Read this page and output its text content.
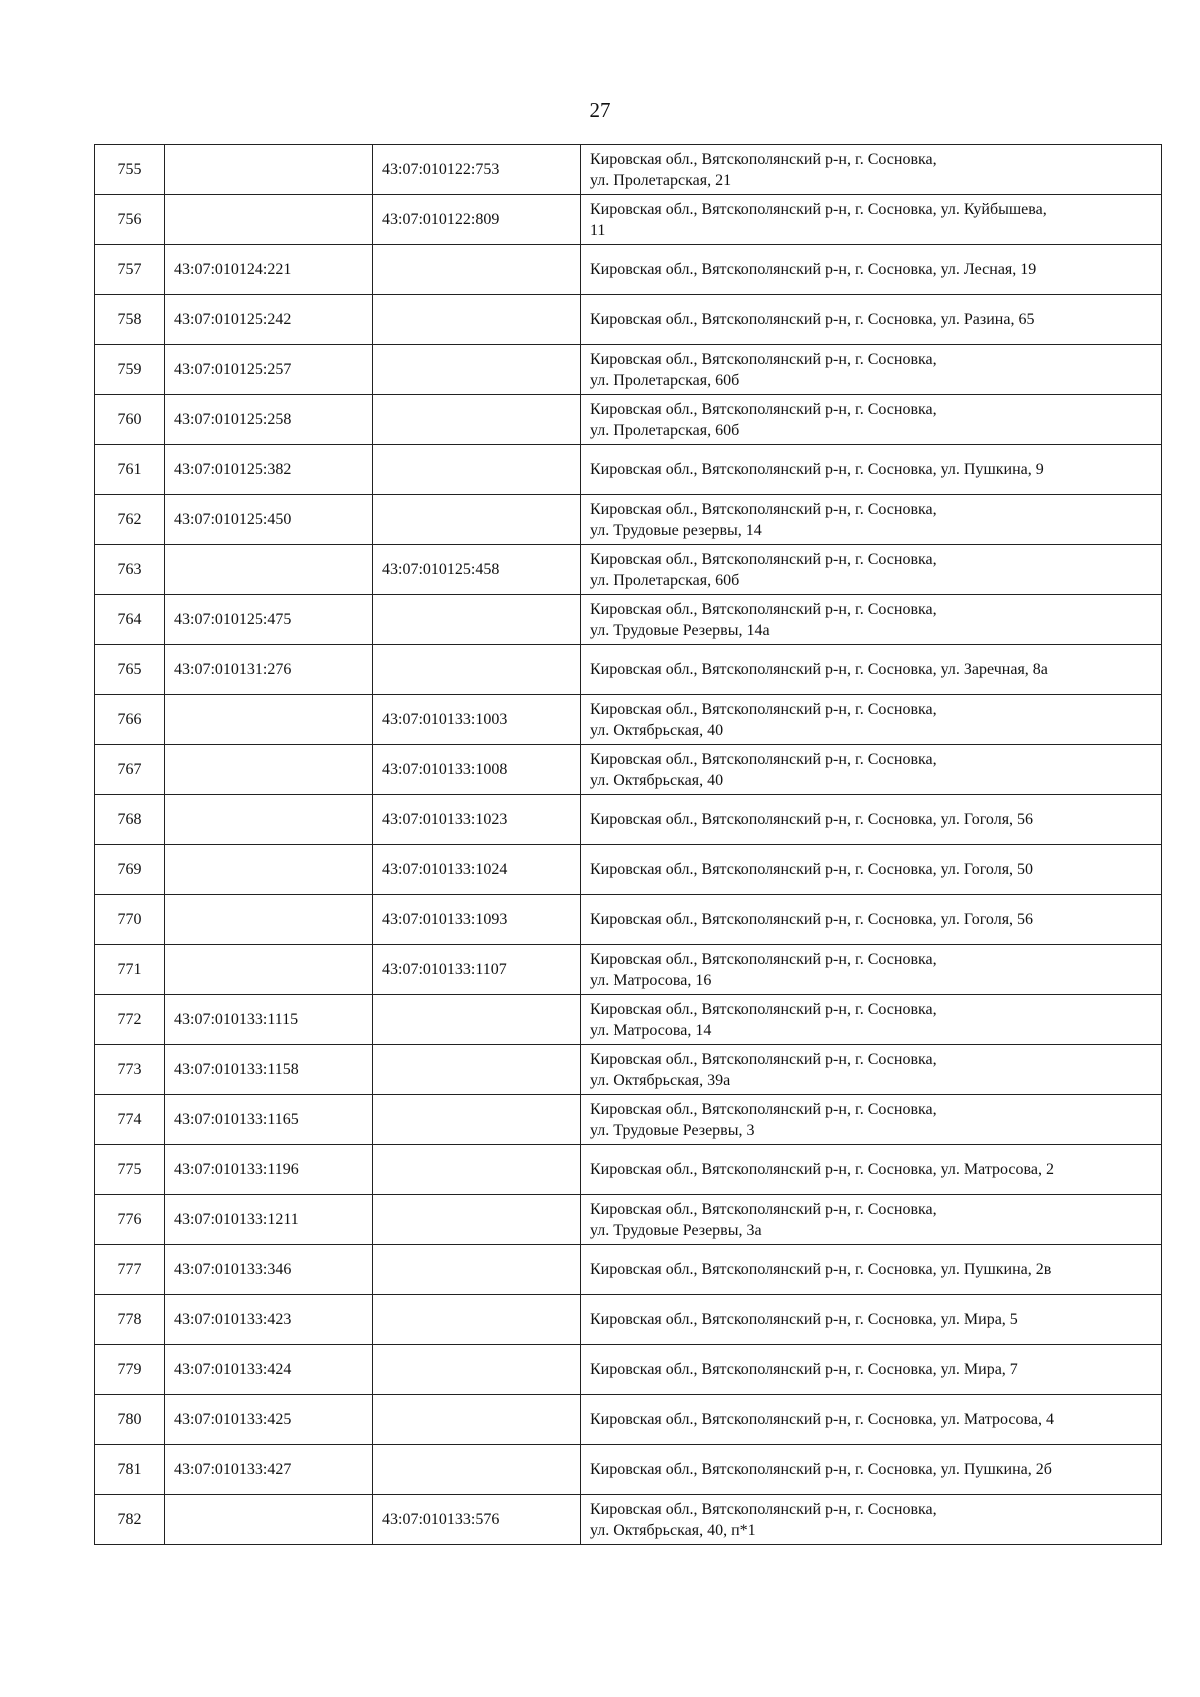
27
755		43:07:010122:753	Кировская обл., Вятскополянский р-н, г. Сосновка,
ул. Пролетарская, 21

756		43:07:010122:809	Кировская обл., Вятскополянский р-н, г. Сосновка, ул. Куйбышева,
11

757	43:07:010124:221		Кировская обл., Вятскополянский р-н, г. Сосновка, ул. Лесная, 19

758	43:07:010125:242		Кировская обл., Вятскополянский р-н, г. Сосновка, ул. Разина, 65

759	43:07:010125:257		Кировская обл., Вятскополянский р-н, г. Сосновка,
ул. Пролетарская, 60б

760	43:07:010125:258		Кировская обл., Вятскополянский р-н, г. Сосновка,
ул. Пролетарская, 60б

761	43:07:010125:382		Кировская обл., Вятскополянский р-н, г. Сосновка, ул. Пушкина, 9

762	43:07:010125:450		Кировская обл., Вятскополянский р-н, г. Сосновка,
ул. Трудовые резервы, 14

763		43:07:010125:458	Кировская обл., Вятскополянский р-н, г. Сосновка,
ул. Пролетарская, 60б

764	43:07:010125:475		Кировская обл., Вятскополянский р-н, г. Сосновка,
ул. Трудовые Резервы, 14а

765	43:07:010131:276		Кировская обл., Вятскополянский р-н, г. Сосновка, ул. Заречная, 8а

766		43:07:010133:1003	Кировская обл., Вятскополянский р-н, г. Сосновка,
ул. Октябрьская, 40

767		43:07:010133:1008	Кировская обл., Вятскополянский р-н, г. Сосновка,
ул. Октябрьская, 40

768		43:07:010133:1023	Кировская обл., Вятскополянский р-н, г. Сосновка, ул. Гоголя, 56

769		43:07:010133:1024	Кировская обл., Вятскополянский р-н, г. Сосновка, ул. Гоголя, 50

770		43:07:010133:1093	Кировская обл., Вятскополянский р-н, г. Сосновка, ул. Гоголя, 56

771		43:07:010133:1107	Кировская обл., Вятскополянский р-н, г. Сосновка,
ул. Матросова, 16

772	43:07:010133:1115		Кировская обл., Вятскополянский р-н, г. Сосновка,
ул. Матросова, 14

773	43:07:010133:1158		Кировская обл., Вятскополянский р-н, г. Сосновка,
ул. Октябрьская, 39а

774	43:07:010133:1165		Кировская обл., Вятскополянский р-н, г. Сосновка,
ул. Трудовые Резервы, 3

775	43:07:010133:1196		Кировская обл., Вятскополянский р-н, г. Сосновка, ул. Матросова, 2

776	43:07:010133:1211		Кировская обл., Вятскополянский р-н, г. Сосновка,
ул. Трудовые Резервы, 3а

777	43:07:010133:346		Кировская обл., Вятскополянский р-н, г. Сосновка, ул. Пушкина, 2в

778	43:07:010133:423		Кировская обл., Вятскополянский р-н, г. Сосновка, ул. Мира, 5

779	43:07:010133:424		Кировская обл., Вятскополянский р-н, г. Сосновка, ул. Мира, 7

780	43:07:010133:425		Кировская обл., Вятскополянский р-н, г. Сосновка, ул. Матросова, 4

781	43:07:010133:427		Кировская обл., Вятскополянский р-н, г. Сосновка, ул. Пушкина, 2б

782		43:07:010133:576	Кировская обл., Вятскополянский р-н, г. Сосновка,
ул. Октябрьская, 40, п*1
